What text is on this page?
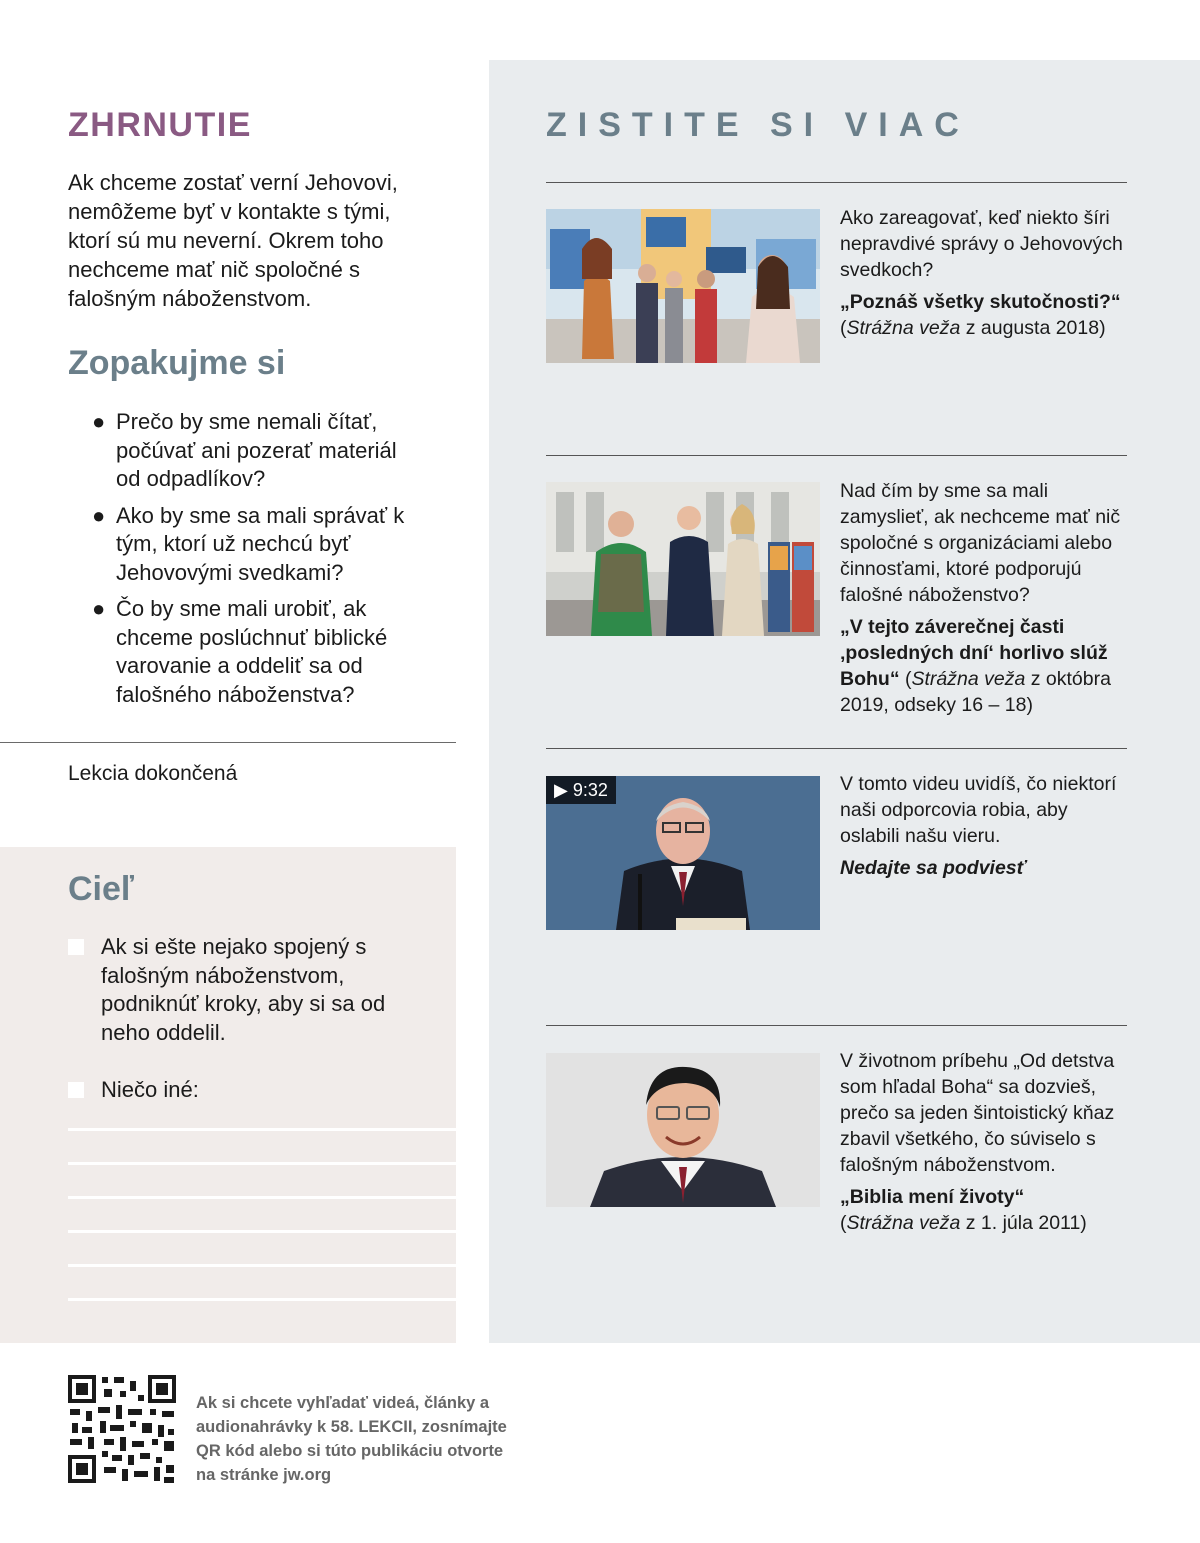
ZHRNUTIE

Ak chceme zostať verní Jehovovi, nemôžeme byť v kontakte s tými, ktorí sú mu neverní. Okrem toho nechceme mať nič spoločné s falošným náboženstvom.

Zopakujme si
● Prečo by sme nemali čítať, počúvať ani pozerať materiál od odpadlíkov?
● Ako by sme sa mali správať k tým, ktorí už nechcú byť Jehovovými svedkami?
● Čo by sme mali urobiť, ak chceme poslúchnuť biblické varovanie a oddeliť sa od falošného náboženstva?
Lekcia dokončená
Cieľ
Ak si ešte nejako spojený s falošným náboženstvom, podniknúť kroky, aby si sa od neho oddelil.
Niečo iné:
ZISTITE SI VIAC
Ako zareagovať, keď niekto šíri nepravdivé správy o Jehovových svedkoch?
„Poznáš všetky skutočnosti?“
(Strážna veža z augusta 2018)
Nad čím by sme sa mali zamyslieť, ak nechceme mať nič spoločné s organizáciami alebo činnosťami, ktoré podporujú falošné náboženstvo?
„V tejto záverečnej časti ‚posledných dní‘ horlivo slúž Bohu“ (Strážna veža z októbra 2019, odseky 16 – 18)
▶ 9:32	V tomto videu uvidíš, čo niektorí naši odporcovia robia, aby oslabili našu vieru.
Nedajte sa podviesť
V životnom príbehu „Od detstva som hľadal Boha“ sa dozvieš, prečo sa jeden šintoistický kňaz zbavil všetkého, čo súviselo s falošným náboženstvom.
„Biblia mení životy“
(Strážna veža z 1. júla 2011)

Ak si chcete vyhľadať videá, články a audionahrávky k 58. LEKCII, zosnímajte QR kód alebo si túto publikáciu otvorte na stránke jw.org
